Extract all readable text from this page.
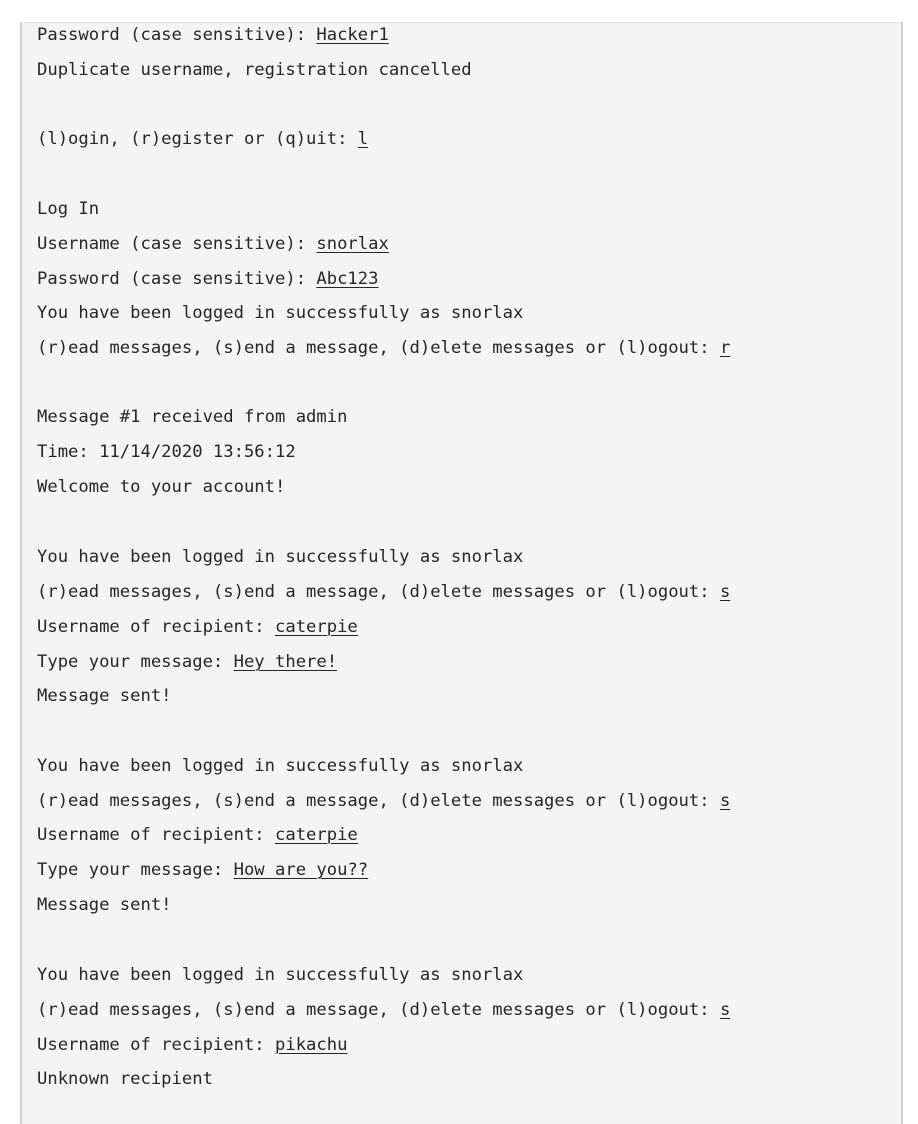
Password (case sensitive): Hacker1
Duplicate username, registration cancelled
(l)ogin, (r)egister or (q)uit: l
Log In
Username (case sensitive): snorlax
Password (case sensitive): Abc123
You have been logged in successfully as snorlax
(r)ead messages, (s)end a message, (d)elete messages or (l)ogout: r
Message #1 received from admin
Time: 11/14/2020 13:56:12
Welcome to your account!
You have been logged in successfully as snorlax
(r)ead messages, (s)end a message, (d)elete messages or (l)ogout: s
Username of recipient: caterpie
Type your message: Hey there!
Message sent!
You have been logged in successfully as snorlax
(r)ead messages, (s)end a message, (d)elete messages or (l)ogout: s
Username of recipient: caterpie
Type your message: How are you??
Message sent!
You have been logged in successfully as snorlax
(r)ead messages, (s)end a message, (d)elete messages or (l)ogout: s
Username of recipient: pikachu
Unknown recipient
